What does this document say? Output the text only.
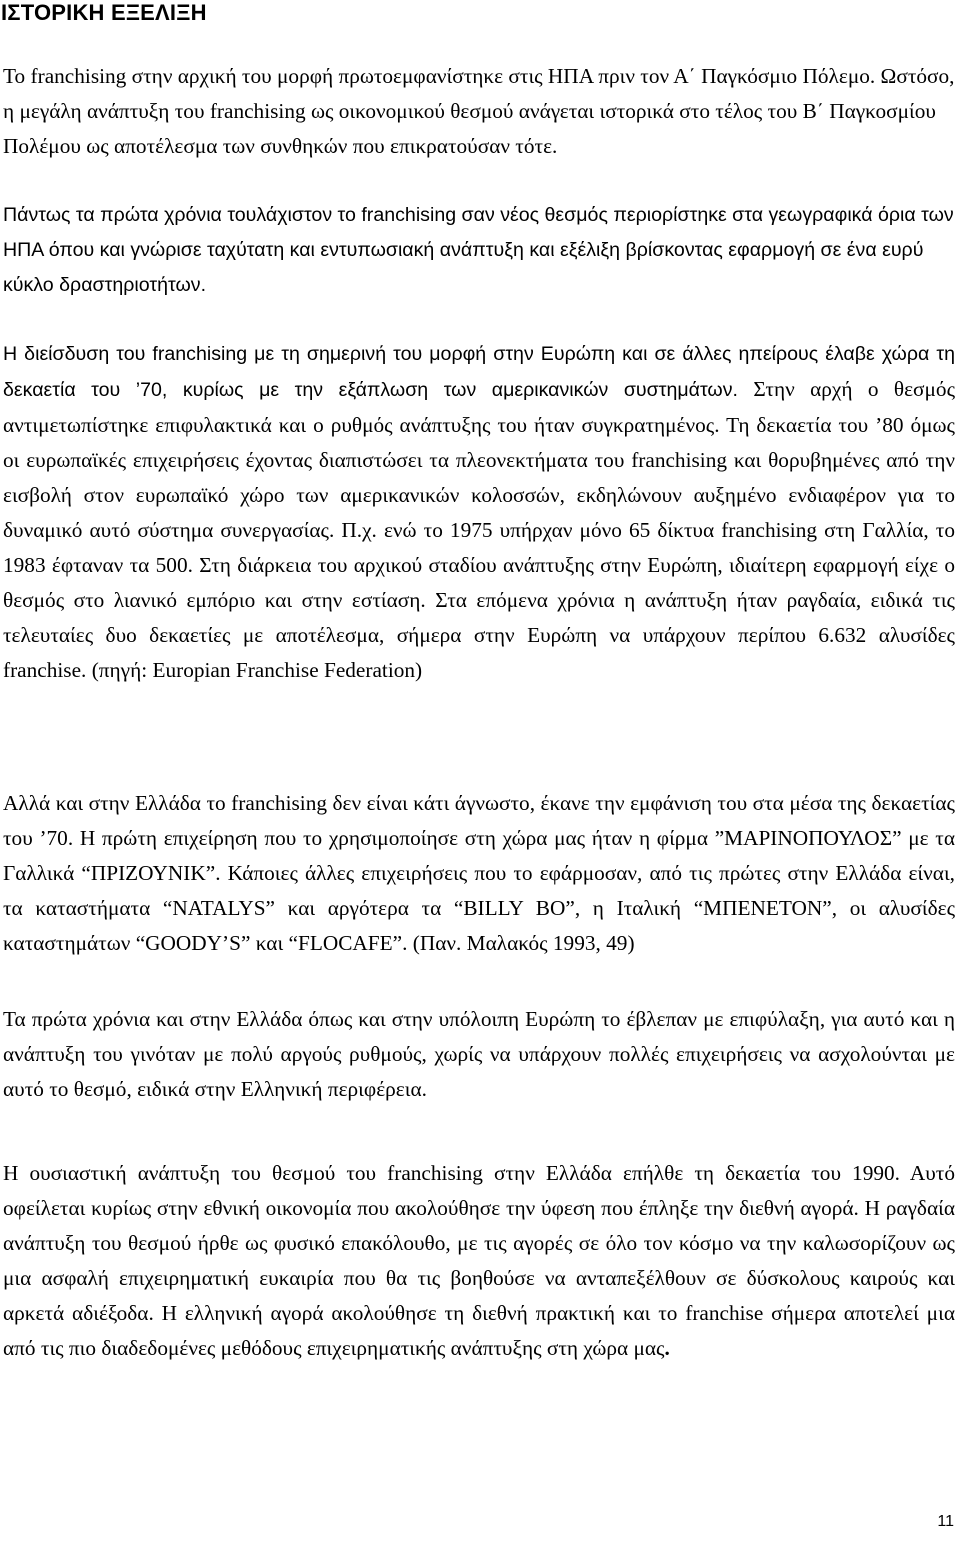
ΙΣΤΟΡΙΚΗ ΕΞΕΛΙΞΗ

Το franchising στην αρχική του μορφή πρωτοεμφανίστηκε στις ΗΠΑ πριν τον Α΄ Παγκόσμιο Πόλεμο. Ωστόσο, η μεγάλη ανάπτυξη του franchising ως οικονομικού θεσμού ανάγεται ιστορικά στο τέλος του Β΄ Παγκοσμίου Πολέμου ως αποτέλεσμα των συνθηκών που επικρατούσαν τότε.

Πάντως τα πρώτα χρόνια τουλάχιστον το franchising σαν νέος θεσμός περιορίστηκε στα γεωγραφικά όρια των ΗΠΑ όπου και γνώρισε ταχύτατη και εντυπωσιακή ανάπτυξη και εξέλιξη βρίσκοντας εφαρμογή σε ένα ευρύ κύκλο δραστηριοτήτων.

Η διείσδυση του franchising με τη σημερινή του μορφή στην Ευρώπη και σε άλλες ηπείρους έλαβε χώρα τη δεκαετία του ’70, κυρίως με την εξάπλωση των αμερικανικών συστημάτων. Στην αρχή ο θεσμός αντιμετωπίστηκε επιφυλακτικά και ο ρυθμός ανάπτυξης του ήταν συγκρατημένος. Τη δεκαετία του ’80 όμως οι ευρωπαϊκές επιχειρήσεις έχοντας διαπιστώσει τα πλεονεκτήματα του franchising και θορυβημένες από την εισβολή στον ευρωπαϊκό χώρο των αμερικανικών κολοσσών, εκδηλώνουν αυξημένο ενδιαφέρον για το δυναμικό αυτό σύστημα συνεργασίας. Π.χ. ενώ το 1975 υπήρχαν μόνο 65 δίκτυα franchising στη Γαλλία, το 1983 έφταναν τα 500. Στη διάρκεια του αρχικού σταδίου ανάπτυξης στην Ευρώπη, ιδιαίτερη εφαρμογή είχε ο θεσμός στο λιανικό εμπόριο και στην εστίαση. Στα επόμενα χρόνια η ανάπτυξη ήταν ραγδαία, ειδικά τις τελευταίες δυο δεκαετίες με αποτέλεσμα, σήμερα στην Ευρώπη να υπάρχουν περίπου 6.632 αλυσίδες franchise. (πηγή: Europian Franchise Federation)

Αλλά και στην Ελλάδα το franchising δεν είναι κάτι άγνωστο, έκανε την εμφάνιση του στα μέσα της δεκαετίας του ’70. Η πρώτη επιχείρηση που το χρησιμοποίησε στη χώρα μας ήταν η φίρμα ”ΜΑΡΙΝΟΠΟΥΛΟΣ” με τα Γαλλικά “ΠΡΙΖΟΥΝΙΚ”. Κάποιες άλλες επιχειρήσεις που το εφάρμοσαν, από τις πρώτες στην Ελλάδα είναι, τα καταστήματα “NATALYS” και αργότερα τα “BILLY BO”, η Ιταλική “ΜΠΕΝΕΤΟΝ”, οι αλυσίδες καταστημάτων “GOODY’S” και “FLOCAFE”. (Παν. Μαλακός 1993, 49)

Τα πρώτα χρόνια και στην Ελλάδα όπως και στην υπόλοιπη Ευρώπη το έβλεπαν με επιφύλαξη, για αυτό και η ανάπτυξη του γινόταν με πολύ αργούς ρυθμούς, χωρίς να υπάρχουν πολλές επιχειρήσεις να ασχολούνται με αυτό το θεσμό, ειδικά στην Ελληνική περιφέρεια.

Η ουσιαστική ανάπτυξη του θεσμού του franchising στην Ελλάδα επήλθε τη δεκαετία του 1990. Αυτό οφείλεται κυρίως στην εθνική οικονομία που ακολούθησε την ύφεση που έπληξε την διεθνή αγορά. Η ραγδαία ανάπτυξη του θεσμού ήρθε ως φυσικό επακόλουθο, με τις αγορές σε όλο τον κόσμο να την καλωσορίζουν ως μια ασφαλή επιχειρηματική ευκαιρία που θα τις βοηθούσε να ανταπεξέλθουν σε δύσκολους καιρούς και αρκετά αδιέξοδα. Η ελληνική αγορά ακολούθησε τη διεθνή πρακτική και το franchise σήμερα αποτελεί μια από τις πιο διαδεδομένες μεθόδους επιχειρηματικής ανάπτυξης στη χώρα μας.

11
